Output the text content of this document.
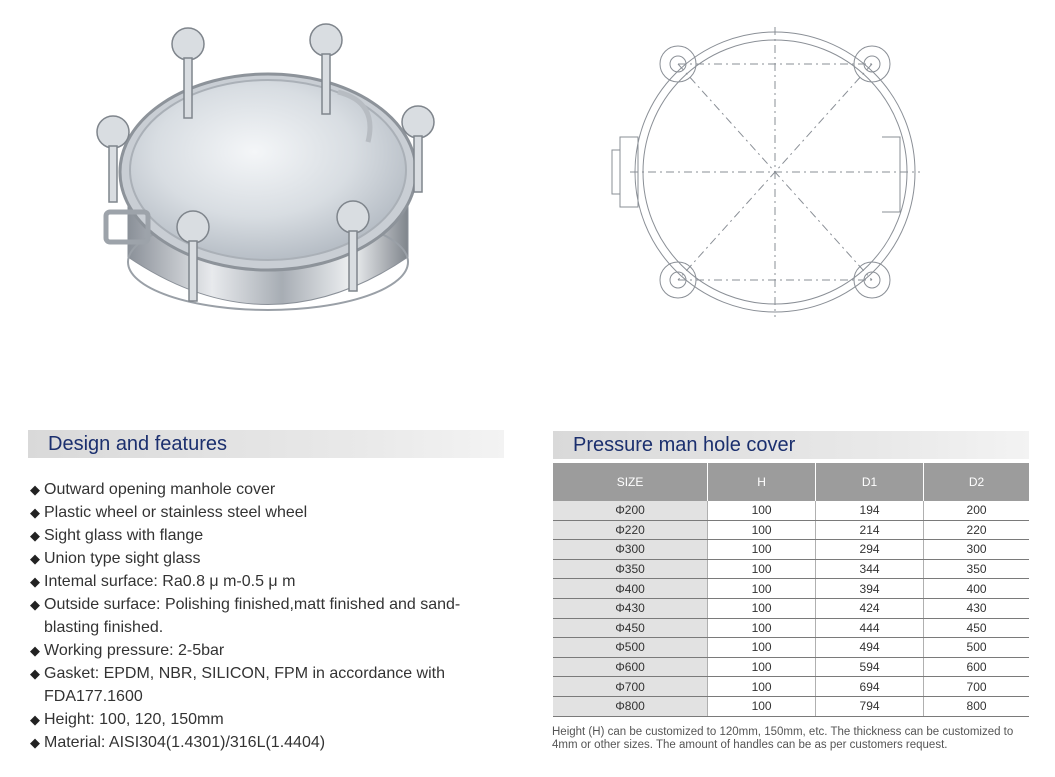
Design and features
◆ Outward opening manhole cover
◆ Plastic wheel or stainless steel wheel
◆ Sight glass with flange
◆ Union type sight glass
◆ Intemal surface: Ra0.8 μ m-0.5 μ m
◆ Outside surface: Polishing finished,matt finished and sand-blasting finished.
◆ Working pressure: 2-5bar
◆ Gasket: EPDM, NBR, SILICON, FPM in accordance with FDA177.1600
◆ Height: 100, 120, 150mm
◆ Material: AISI304(1.4301)/316L(1.4404)
Pressure man hole cover
SIZE	H	D1	D2
Φ200	100	194	200
Φ220	100	214	220
Φ300	100	294	300
Φ350	100	344	350
Φ400	100	394	400
Φ430	100	424	430
Φ450	100	444	450
Φ500	100	494	500
Φ600	100	594	600
Φ700	100	694	700
Φ800	100	794	800
Height (H) can be customized to 120mm, 150mm, etc. The thickness can be customized to 4mm or other sizes. The amount of handles can be as per customers request.
